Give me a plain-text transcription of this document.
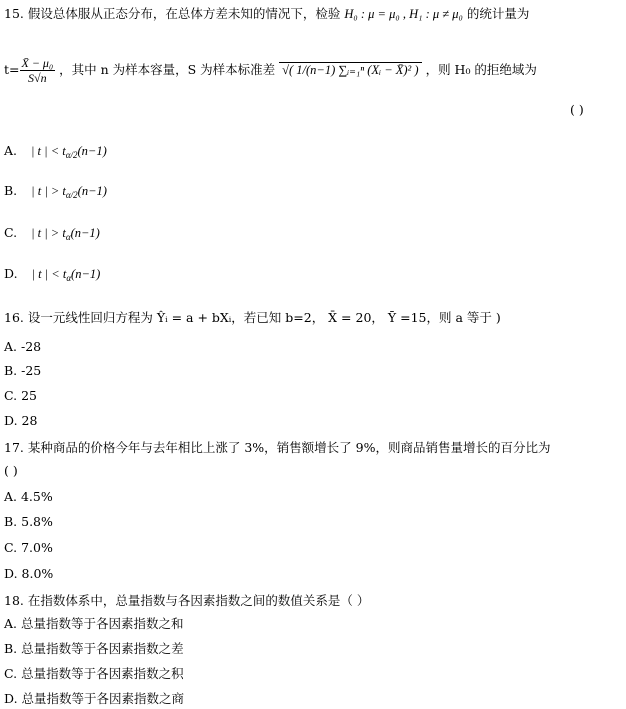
15. 假设总体服从正态分布，在总体方差未知的情况下，检验 H₀ : μ = μ₀ , H₁ : μ ≠ μ₀ 的统计量为
$t= \frac{\text{X̄ − μ₀}}{S√n}$ ，其中 n 为样本容量，S 为样本标准差 √( 1/(n−1) ∑ᵢ₌₁ⁿ (Xᵢ − X̄)² ) ，则 H₀ 的拒绝域为
( )
A. | t | < $t_{\alpha/2}(n-1)$
B. | t | > $t_{\alpha/2}(n-1)$
C. | t | > $t_\alpha(n-1)$
D. | t | < $t_\alpha(n-1)$
16. 设一元线性回归方程为 Ŷᵢ = a + bXᵢ，若已知 b=2， X̄ = 20， Ȳ =15，则 a 等于 )
A. -28
B. -25
C. 25
D. 28
17. 某种商品的价格今年与去年相比上涨了 3%，销售额增长了 9%，则商品销售量增长的百分比为
( )
A. 4.5%
B. 5.8%
C. 7.0%
D. 8.0%
18. 在指数体系中，总量指数与各因素指数之间的数值关系是（ ）
A. 总量指数等于各因素指数之和
B. 总量指数等于各因素指数之差
C. 总量指数等于各因素指数之积
D. 总量指数等于各因素指数之商
